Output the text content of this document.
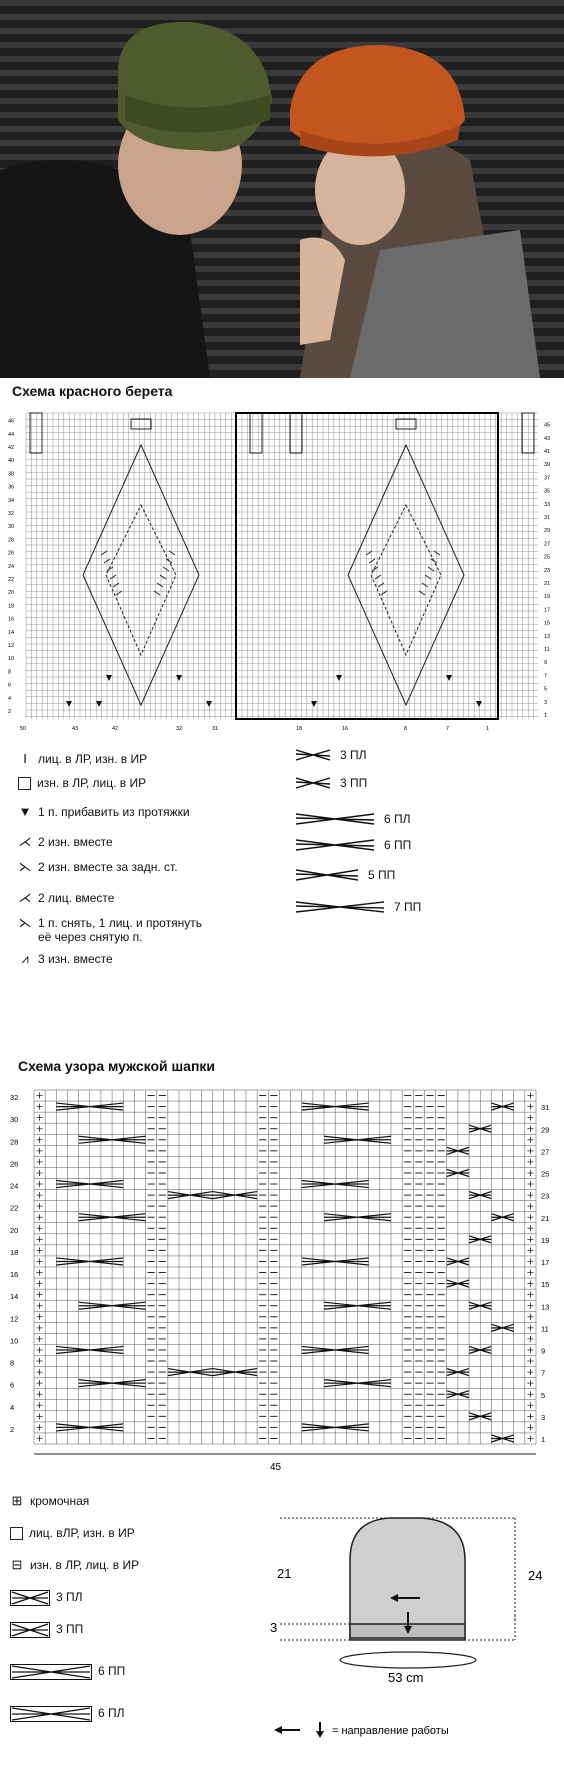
Схема красного берета
2
4
6
8
10
12
14
16
18
20
22
24
26
28
30
32
34
36
38
40
42
44
46
1
3
5
7
9
11
13
15
17
19
21
23
25
27
29
31
33
35
37
39
41
43
45
50	43	42	32	31	18	16	8	7	1
I лиц. в ЛР, изн. в ИР
изн. в ЛР, лиц. в ИР
▼ 1 п. прибавить из протяжки
⋌ 2 изн. вместе
⋋ 2 изн. вместе за задн. ст.
⋌ 2 лиц. вместе
⋋ 1 п. снять, 1 лиц. и протянуть
её через снятую п.
⩘ 3 изн. вместе
3 ПЛ
3 ПП
6 ПЛ
6 ПП
5 ПП
7 ПП
Схема узора мужской шапки
2
4
6
8
10
12
14
16
18
20
22
24
26
28
30
32
1
3
5
7
9
11
13
15
17
19
21
23
25
27
29
31
45
⊞ кромочная
лиц. вЛР, изн. в ИР
⊟ изн. в ЛР, лиц. в ИР
3 ПЛ
3 ПП
6 ПП
6 ПЛ
21	24
3
53 cm
= направление работы
